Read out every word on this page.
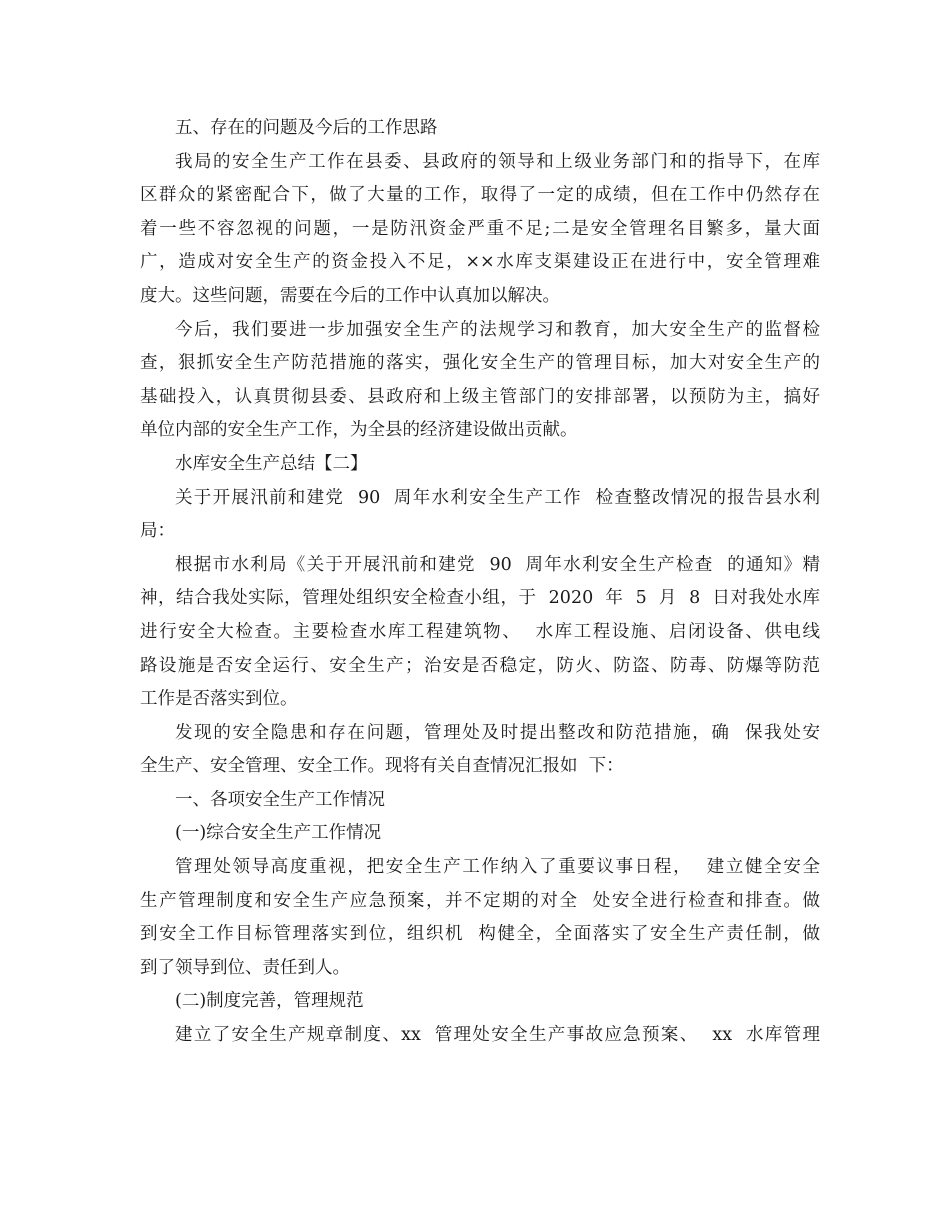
五、存在的问题及今后的工作思路
我局的安全生产工作在县委、县政府的领导和上级业务部门和的指导下，在库
区群众的紧密配合下，做了大量的工作，取得了一定的成绩，但在工作中仍然存在
着一些不容忽视的问题，一是防汛资金严重不足;二是安全管理名目繁多，量大面
广，造成对安全生产的资金投入不足，××水库支渠建设正在进行中，安全管理难
度大。这些问题，需要在今后的工作中认真加以解决。
今后，我们要进一步加强安全生产的法规学习和教育，加大安全生产的监督检
查，狠抓安全生产防范措施的落实，强化安全生产的管理目标，加大对安全生产的
基础投入，认真贯彻县委、县政府和上级主管部门的安排部署，以预防为主，搞好
单位内部的安全生产工作，为全县的经济建设做出贡献。
水库安全生产总结【二】
关于开展汛前和建党  90  周年水利安全生产工作  检查整改情况的报告县水利
局：
根据市水利局《关于开展汛前和建党  90  周年水利安全生产检查  的通知》精
神，结合我处实际，管理处组织安全检查小组，于  2020  年  5  月  8  日对我处水库
进行安全大检查。主要检查水库工程建筑物、  水库工程设施、启闭设备、供电线
路设施是否安全运行、安全生产；治安是否稳定，防火、防盗、防毒、防爆等防范
工作是否落实到位。
发现的安全隐患和存在问题，管理处及时提出整改和防范措施，确  保我处安
全生产、安全管理、安全工作。现将有关自查情况汇报如  下：
一、各项安全生产工作情况
(一)综合安全生产工作情况
管理处领导高度重视，把安全生产工作纳入了重要议事日程，  建立健全安全
生产管理制度和安全生产应急预案，并不定期的对全  处安全进行检查和排查。做
到安全工作目标管理落实到位，组织机  构健全，全面落实了安全生产责任制，做
到了领导到位、责任到人。
(二)制度完善，管理规范
建立了安全生产规章制度、xx  管理处安全生产事故应急预案、  xx  水库管理
